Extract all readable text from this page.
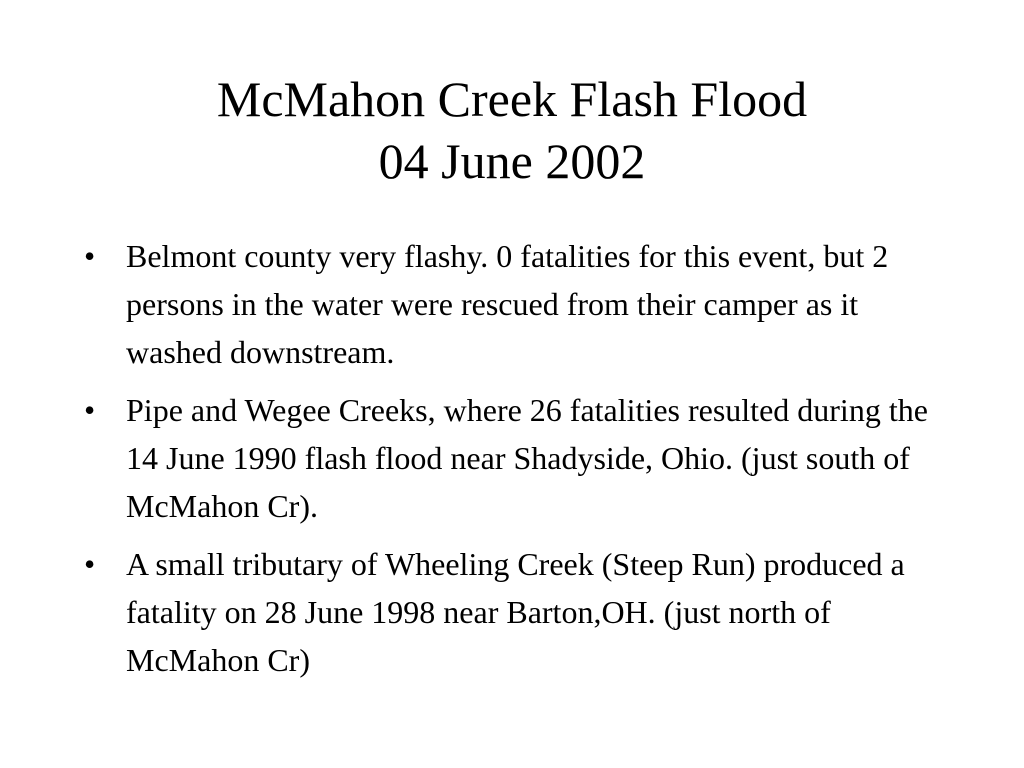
McMahon Creek Flash Flood
04 June 2002
• Belmont county very flashy. 0 fatalities for this event, but 2 persons in the water were rescued from their camper as it washed downstream.
• Pipe and Wegee Creeks, where 26 fatalities resulted during the 14 June 1990 flash flood near Shadyside, Ohio. (just south of McMahon Cr).
• A small tributary of Wheeling Creek (Steep Run) produced a fatality on 28 June 1998 near Barton,OH. (just north of McMahon Cr)
